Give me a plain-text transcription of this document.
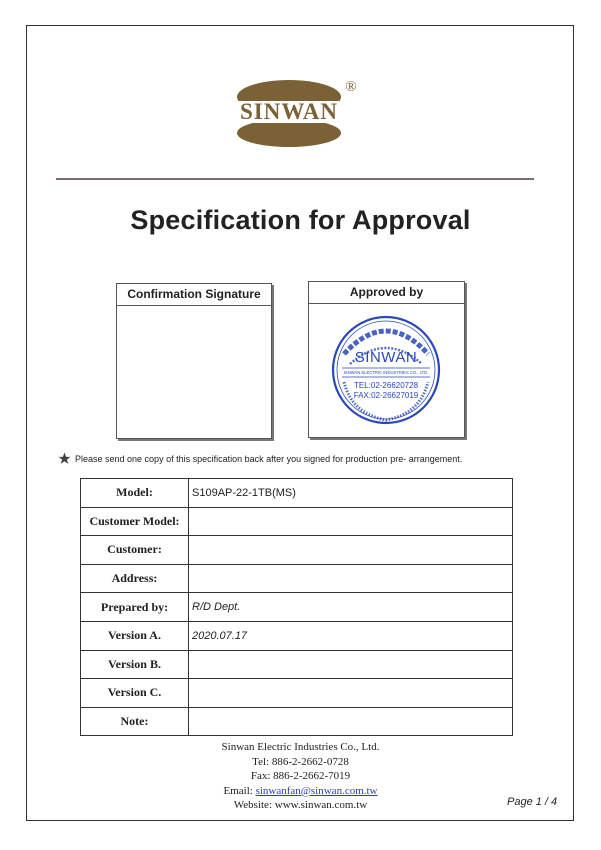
SINWAN
®
Specification for Approval
Confirmation Signature	Approved by
SINWAN
SINWAN ELECTRIC INDUSTRIES CO., LTD.
TEL:02-26620728
FAX:02-26627019
Please send one copy of this specification back after you signed for production pre- arrangement.
Model:	S109AP-22-1TB(MS)
Customer Model:	
Customer:	
Address:	
Prepared by:	R/D Dept.
Version A.	2020.07.17
Version B.	
Version C.	
Note:	
Sinwan Electric Industries Co., Ltd.
Tel: 886-2-2662-0728
Fax: 886-2-2662-7019
Email: sinwanfan@sinwan.com.tw
Website: www.sinwan.com.tw	Page 1 / 4
